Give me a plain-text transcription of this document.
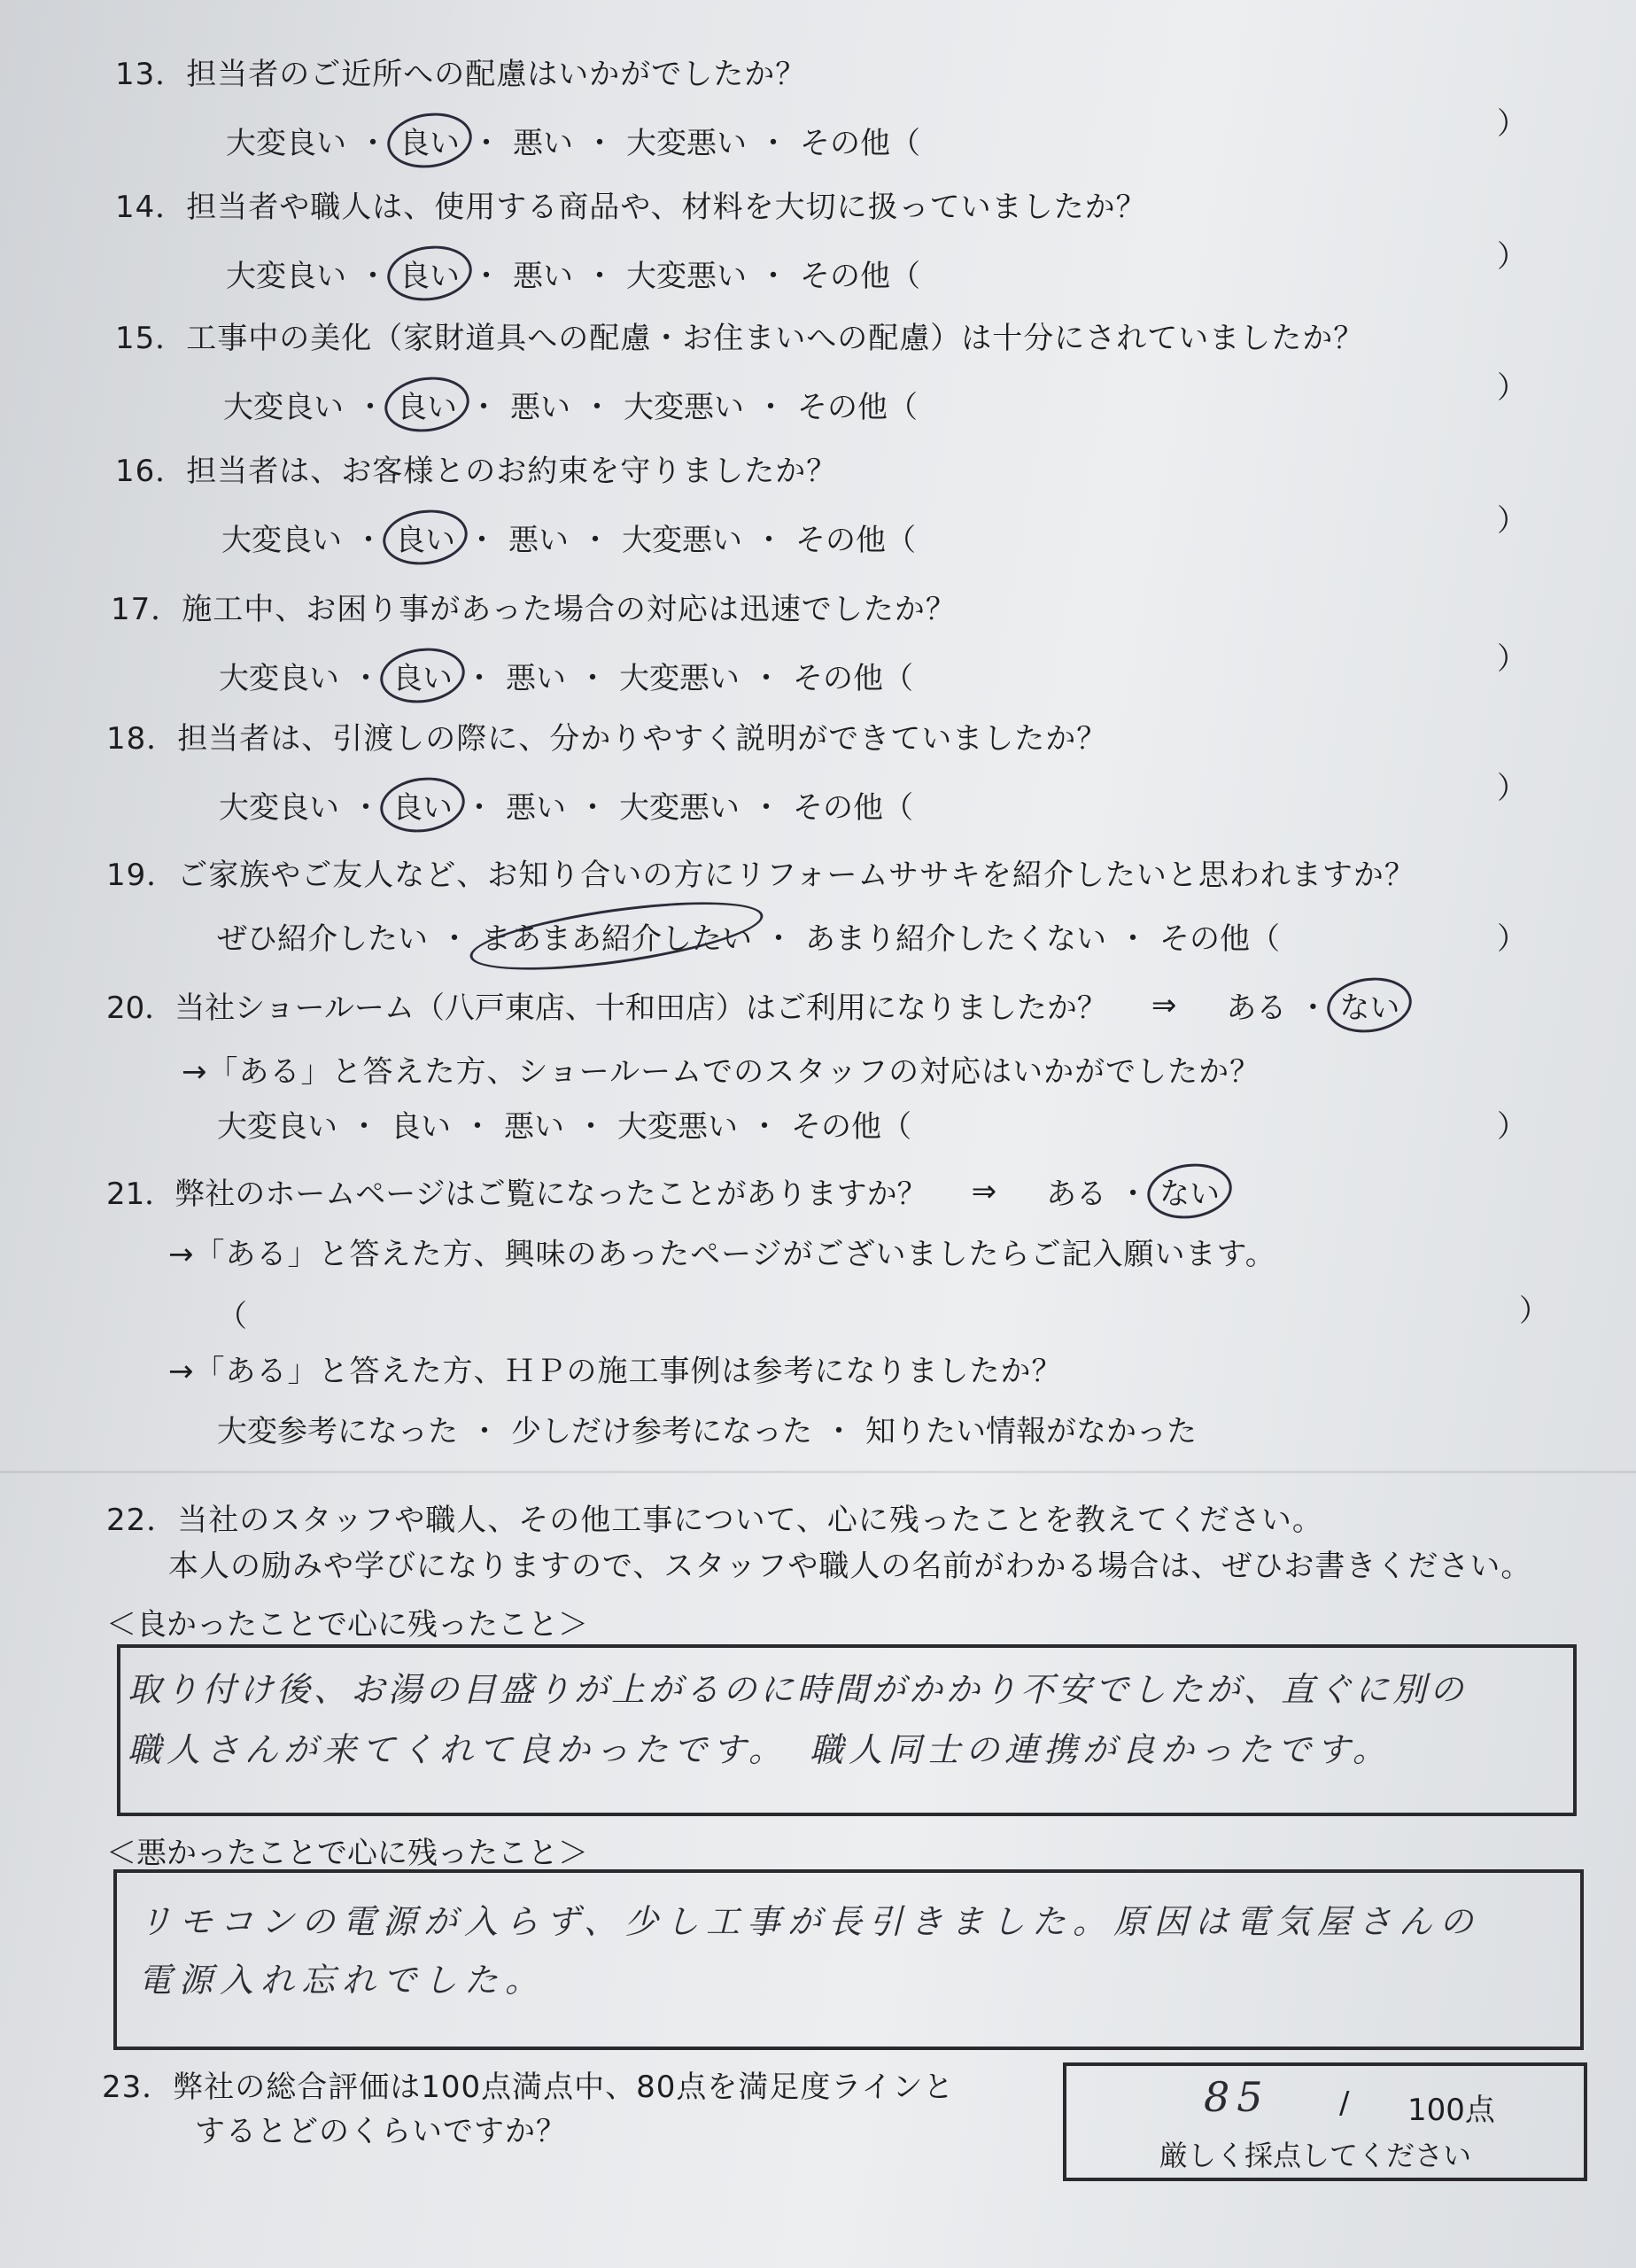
13．担当者のご近所への配慮はいかがでしたか？
大変良い ・ 良い ・ 悪い ・ 大変悪い ・ その他（
）
14．担当者や職人は、使用する商品や、材料を大切に扱っていましたか？
大変良い ・ 良い ・ 悪い ・ 大変悪い ・ その他（
）
15．工事中の美化（家財道具への配慮・お住まいへの配慮）は十分にされていましたか？
大変良い ・ 良い ・ 悪い ・ 大変悪い ・ その他（
）
16．担当者は、お客様とのお約束を守りましたか？
大変良い ・ 良い ・ 悪い ・ 大変悪い ・ その他（
）
17．施工中、お困り事があった場合の対応は迅速でしたか？
大変良い ・ 良い ・ 悪い ・ 大変悪い ・ その他（
）
18．担当者は、引渡しの際に、分かりやすく説明ができていましたか？
大変良い ・ 良い ・ 悪い ・ 大変悪い ・ その他（
）
19．ご家族やご友人など、お知り合いの方にリフォームササキを紹介したいと思われますか？
ぜひ紹介したい ・ まあまあ紹介したい ・ あまり紹介したくない ・ その他（	）
20．当社ショールーム（八戸東店、十和田店）はご利用になりましたか？ ⇒ ある ・ ない
→「ある」と答えた方、ショールームでのスタッフの対応はいかがでしたか？
大変良い ・ 良い ・ 悪い ・ 大変悪い ・ その他（	）
21．弊社のホームページはご覧になったことがありますか？ ⇒ ある ・ ない
→「ある」と答えた方、興味のあったページがございましたらご記入願います。
（	）
→「ある」と答えた方、ＨＰの施工事例は参考になりましたか？
大変参考になった ・ 少しだけ参考になった ・ 知りたい情報がなかった
22．当社のスタッフや職人、その他工事について、心に残ったことを教えてください。
本人の励みや学びになりますので、スタッフや職人の名前がわかる場合は、ぜひお書きください。
＜良かったことで心に残ったこと＞
取り付け後、お湯の目盛りが上がるのに時間がかかり不安でしたが、直ぐに別の
職人さんが来てくれて良かったです。　職人同士の連携が良かったです。
＜悪かったことで心に残ったこと＞
リモコンの電源が入らず、少し工事が長引きました。原因は電気屋さんの
電源入れ忘れでした。
23．弊社の総合評価は100点満点中、80点を満足度ラインと
するとどのくらいですか？
85 / 100点
厳しく採点してください
